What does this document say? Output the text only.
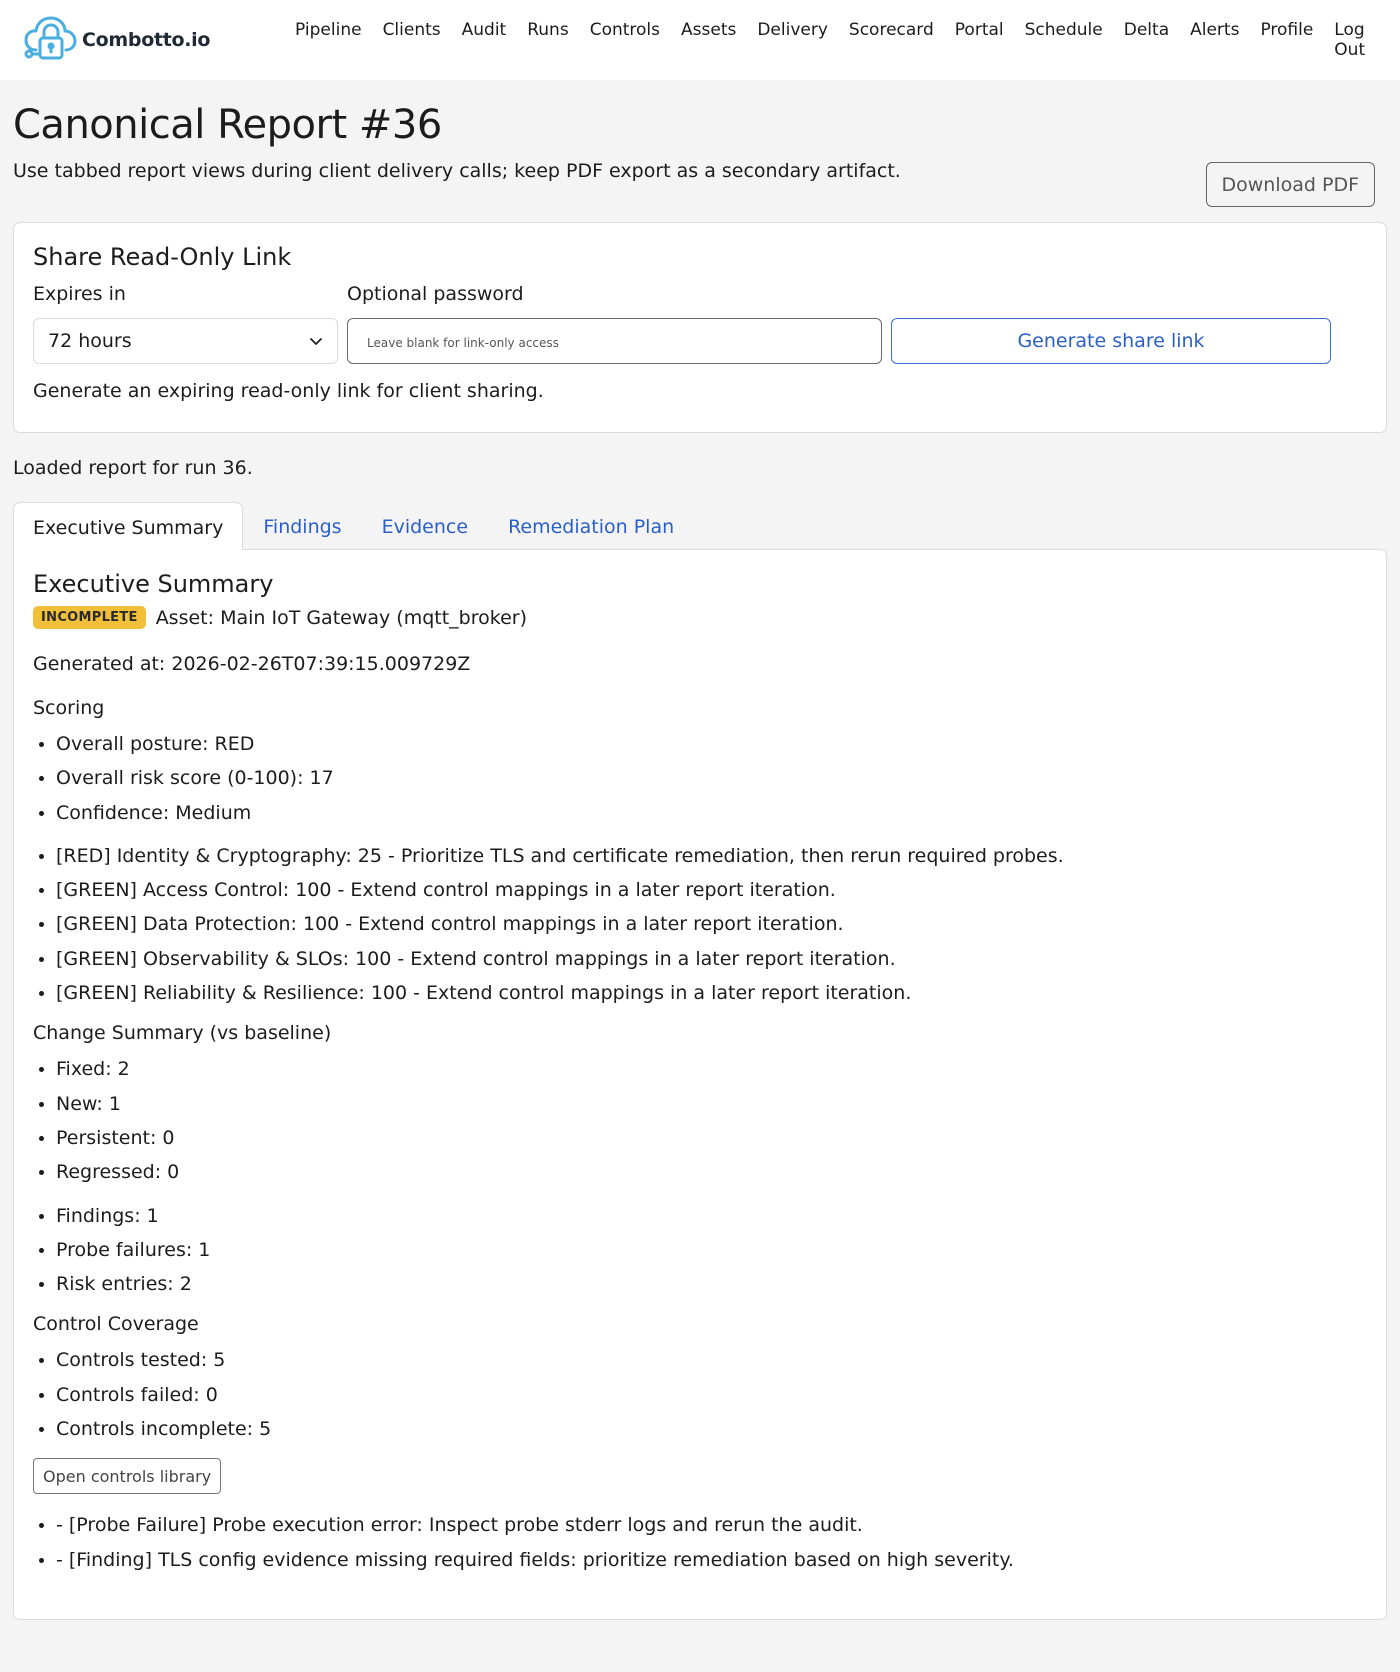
Combotto.io	Pipeline	Clients	Audit	Runs	Controls	Assets	Delivery	Scorecard	Portal	Schedule	Delta	Alerts	Profile	Log Out
Canonical Report #36

Use tabbed report views during client delivery calls; keep PDF export as a secondary artifact.

Download PDF
Share Read-Only Link
Expires in
72 hours
Optional password
Leave blank for link-only access
Generate share link
Generate an expiring read-only link for client sharing.

Loaded report for run 36.

Executive Summary	Findings	Evidence	Remediation Plan
Executive Summary
INCOMPLETE Asset: Main IoT Gateway (mqtt_broker)
Generated at: 2026-02-26T07:39:15.009729Z
Scoring
• Overall posture: RED
• Overall risk score (0-100): 17
• Confidence: Medium
• [RED] Identity & Cryptography: 25 - Prioritize TLS and certificate remediation, then rerun required probes.
• [GREEN] Access Control: 100 - Extend control mappings in a later report iteration.
• [GREEN] Data Protection: 100 - Extend control mappings in a later report iteration.
• [GREEN] Observability & SLOs: 100 - Extend control mappings in a later report iteration.
• [GREEN] Reliability & Resilience: 100 - Extend control mappings in a later report iteration.
Change Summary (vs baseline)
• Fixed: 2
• New: 1
• Persistent: 0
• Regressed: 0
• Findings: 1
• Probe failures: 1
• Risk entries: 2
Control Coverage
• Controls tested: 5
• Controls failed: 0
• Controls incomplete: 5
Open controls library
• - [Probe Failure] Probe execution error: Inspect probe stderr logs and rerun the audit.
• - [Finding] TLS config evidence missing required fields: prioritize remediation based on high severity.
